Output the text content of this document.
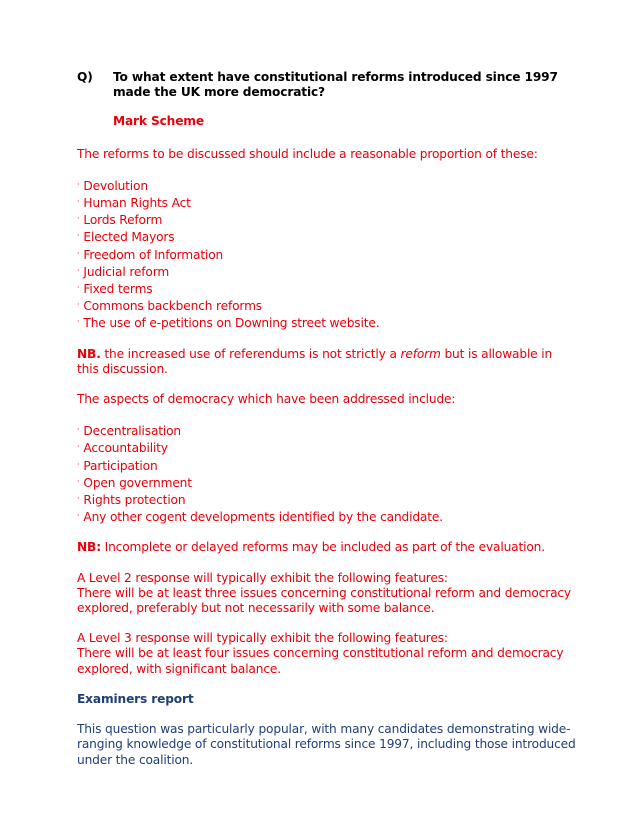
Q) To what extent have constitutional reforms introduced since 1997 made the UK more democratic?
Mark Scheme

The reforms to be discussed should include a reasonable proportion of these:

· Devolution
· Human Rights Act
· Lords Reform
· Elected Mayors
· Freedom of Information
· Judicial reform
· Fixed terms
· Commons backbench reforms
· The use of e-petitions on Downing street website.

NB. the increased use of referendums is not strictly a reform but is allowable in this discussion.

The aspects of democracy which have been addressed include:

· Decentralisation
· Accountability
· Participation
· Open government
· Rights protection
· Any other cogent developments identified by the candidate.

NB: Incomplete or delayed reforms may be included as part of the evaluation.

A Level 2 response will typically exhibit the following features:

There will be at least three issues concerning constitutional reform and democracy explored, preferably but not necessarily with some balance.

A Level 3 response will typically exhibit the following features:

There will be at least four issues concerning constitutional reform and democracy explored, with significant balance.

Examiners report

This question was particularly popular, with many candidates demonstrating wide-ranging knowledge of constitutional reforms since 1997, including those introduced under the coalition.
